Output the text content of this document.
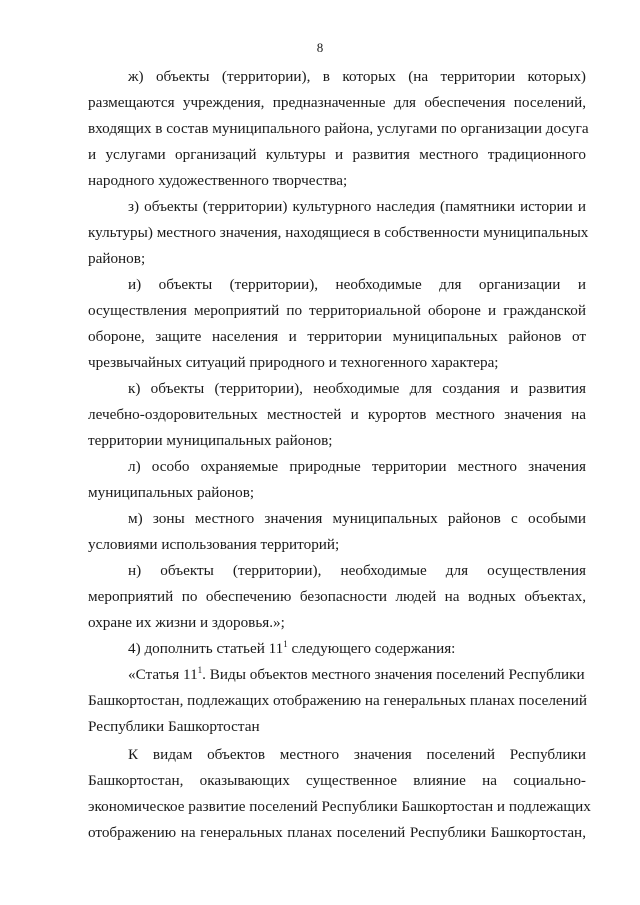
8
ж) объекты (территории), в которых (на территории которых)
размещаются учреждения, предназначенные для обеспечения поселений,
входящих в состав муниципального района, услугами по организации досуга
и услугами организаций культуры и развития местного традиционного
народного художественного творчества;
з) объекты (территории) культурного наследия (памятники истории и
культуры) местного значения, находящиеся в собственности муниципальных
районов;
и) объекты (территории), необходимые для организации и
осуществления мероприятий по территориальной обороне и гражданской
обороне, защите населения и территории муниципальных районов от
чрезвычайных ситуаций природного и техногенного характера;
к) объекты (территории), необходимые для создания и развития
лечебно-оздоровительных местностей и курортов местного значения на
территории муниципальных районов;
л) особо охраняемые природные территории местного значения
муниципальных районов;
м) зоны местного значения муниципальных районов с особыми
условиями использования территорий;
н) объекты (территории), необходимые для осуществления
мероприятий по обеспечению безопасности людей на водных объектах,
охране их жизни и здоровья.»;
4) дополнить статьей $11^1$ следующего содержания:
«Статья $11^1$. Виды объектов местного значения поселений Республики
Башкортостан, подлежащих отображению на генеральных планах поселений
Республики Башкортостан
К видам объектов местного значения поселений Республики
Башкортостан, оказывающих существенное влияние на социально-
экономическое развитие поселений Республики Башкортостан и подлежащих
отображению на генеральных планах поселений Республики Башкортостан,
